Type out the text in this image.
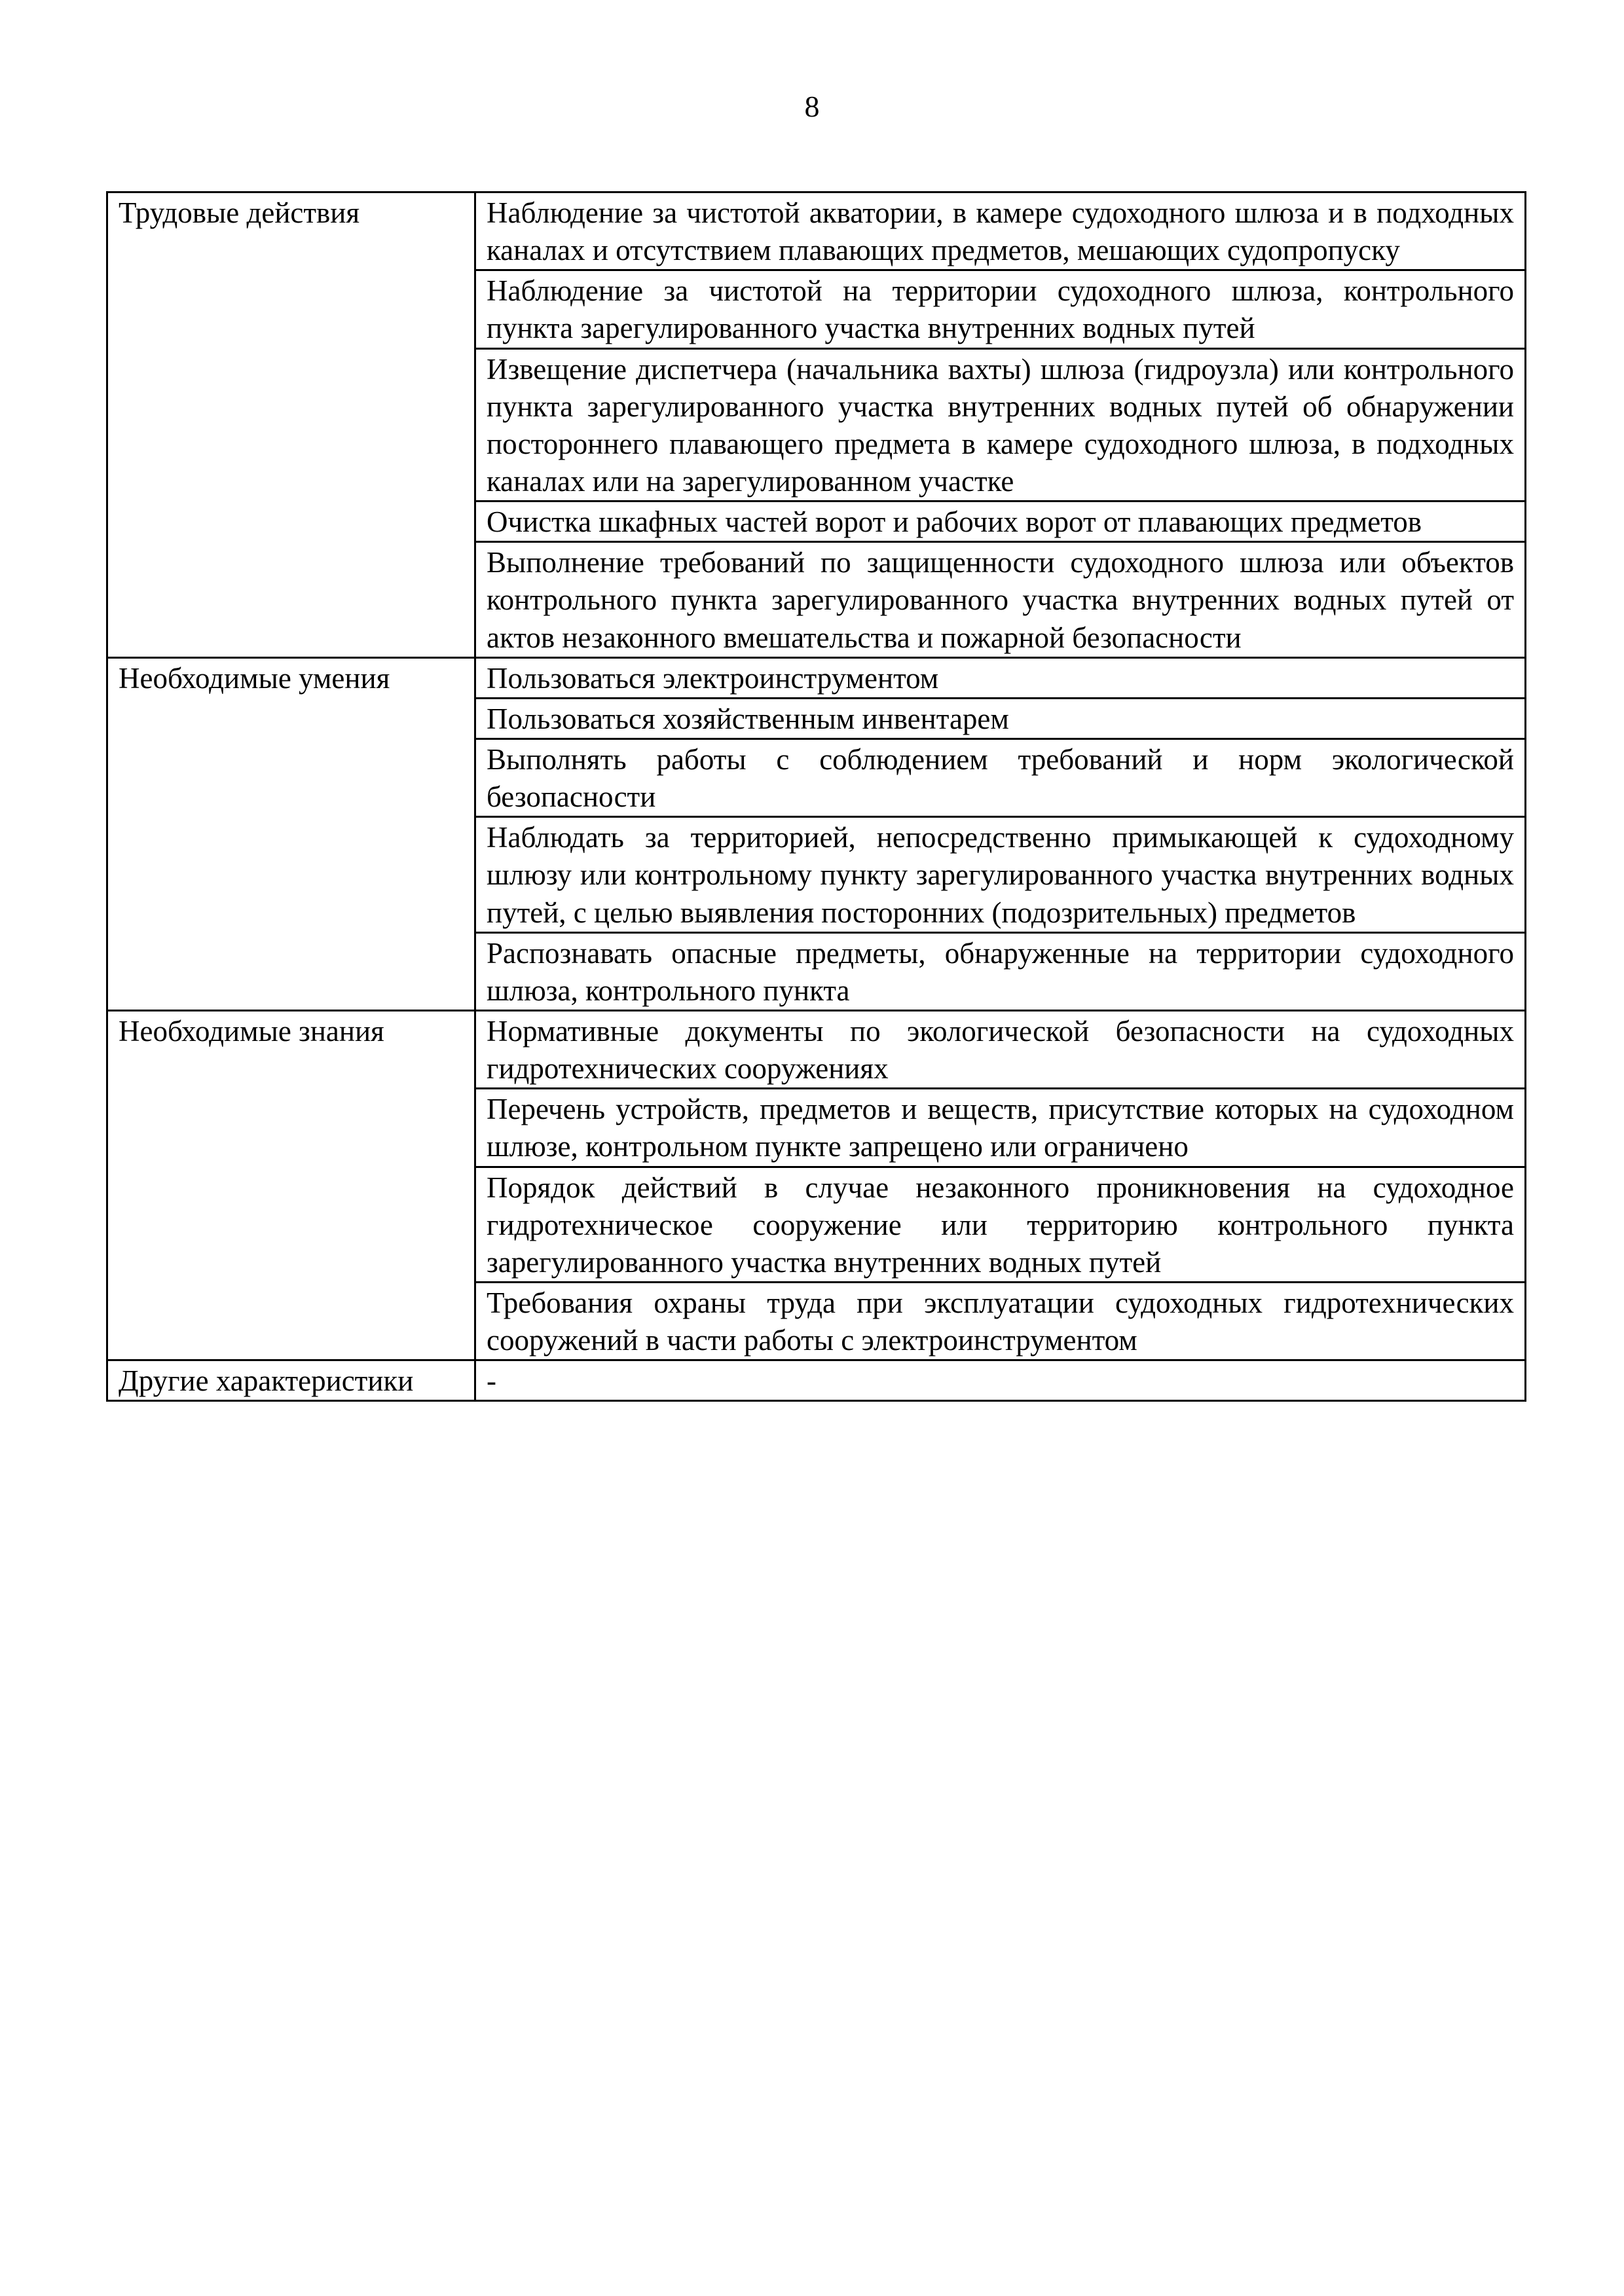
8
Трудовые действия	Наблюдение за чистотой акватории, в камере судоходного шлюза и в подходных каналах и отсутствием плавающих предметов, мешающих судопропуску
	Наблюдение за чистотой на территории судоходного шлюза, контрольного пункта зарегулированного участка внутренних водных путей
	Извещение диспетчера (начальника вахты) шлюза (гидроузла) или контрольного пункта зарегулированного участка внутренних водных путей об обнаружении постороннего плавающего предмета в камере судоходного шлюза, в подходных каналах или на зарегулированном участке
	Очистка шкафных частей ворот и рабочих ворот от плавающих предметов
	Выполнение требований по защищенности судоходного шлюза или объектов контрольного пункта зарегулированного участка внутренних водных путей от актов незаконного вмешательства и пожарной безопасности
Необходимые умения	Пользоваться электроинструментом
	Пользоваться хозяйственным инвентарем
	Выполнять работы с соблюдением требований и норм экологической безопасности
	Наблюдать за территорией, непосредственно примыкающей к судоходному шлюзу или контрольному пункту зарегулированного участка внутренних водных путей, с целью выявления посторонних (подозрительных) предметов
	Распознавать опасные предметы, обнаруженные на территории судоходного шлюза, контрольного пункта
Необходимые знания	Нормативные документы по экологической безопасности на судоходных гидротехнических сооружениях
	Перечень устройств, предметов и веществ, присутствие которых на судоходном шлюзе, контрольном пункте запрещено или ограничено
	Порядок действий в случае незаконного проникновения на судоходное гидротехническое сооружение или территорию контрольного пункта зарегулированного участка внутренних водных путей
	Требования охраны труда при эксплуатации судоходных гидротехнических сооружений в части работы с электроинструментом
Другие характеристики	-
